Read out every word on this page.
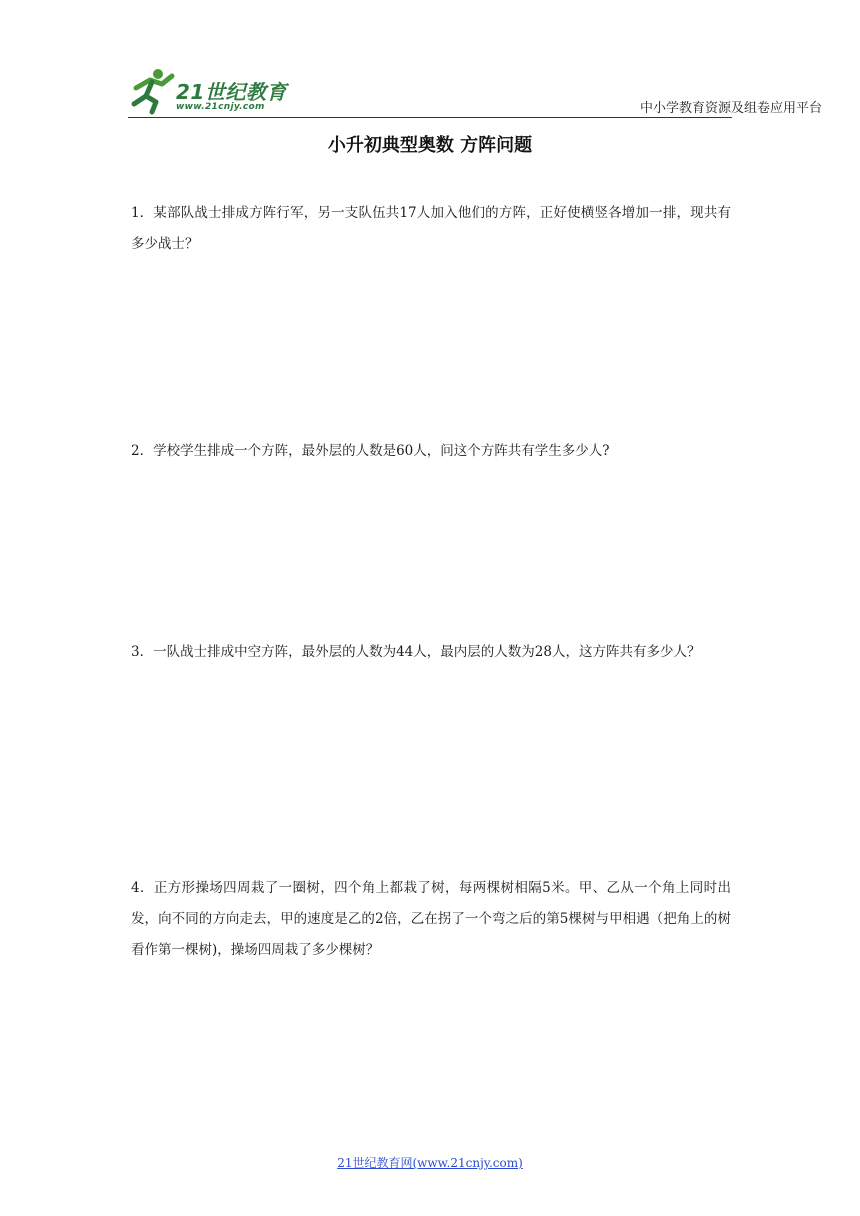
21世纪教育
www.21cnjy.com	中小学教育资源及组卷应用平台
小升初典型奥数 方阵问题
1．某部队战士排成方阵行军，另一支队伍共17人加入他们的方阵，正好使横竖各增加一排，现共有多少战士？
2．学校学生排成一个方阵，最外层的人数是60人，问这个方阵共有学生多少人?
3．一队战士排成中空方阵，最外层的人数为44人，最内层的人数为28人，这方阵共有多少人？
4．正方形操场四周栽了一圈树，四个角上都栽了树，每两棵树相隔5米。甲、乙从一个角上同时出发，向不同的方向走去，甲的速度是乙的2倍，乙在拐了一个弯之后的第5棵树与甲相遇（把角上的树看作第一棵树)，操场四周栽了多少棵树？
21世纪教育网(www.21cnjy.com)
